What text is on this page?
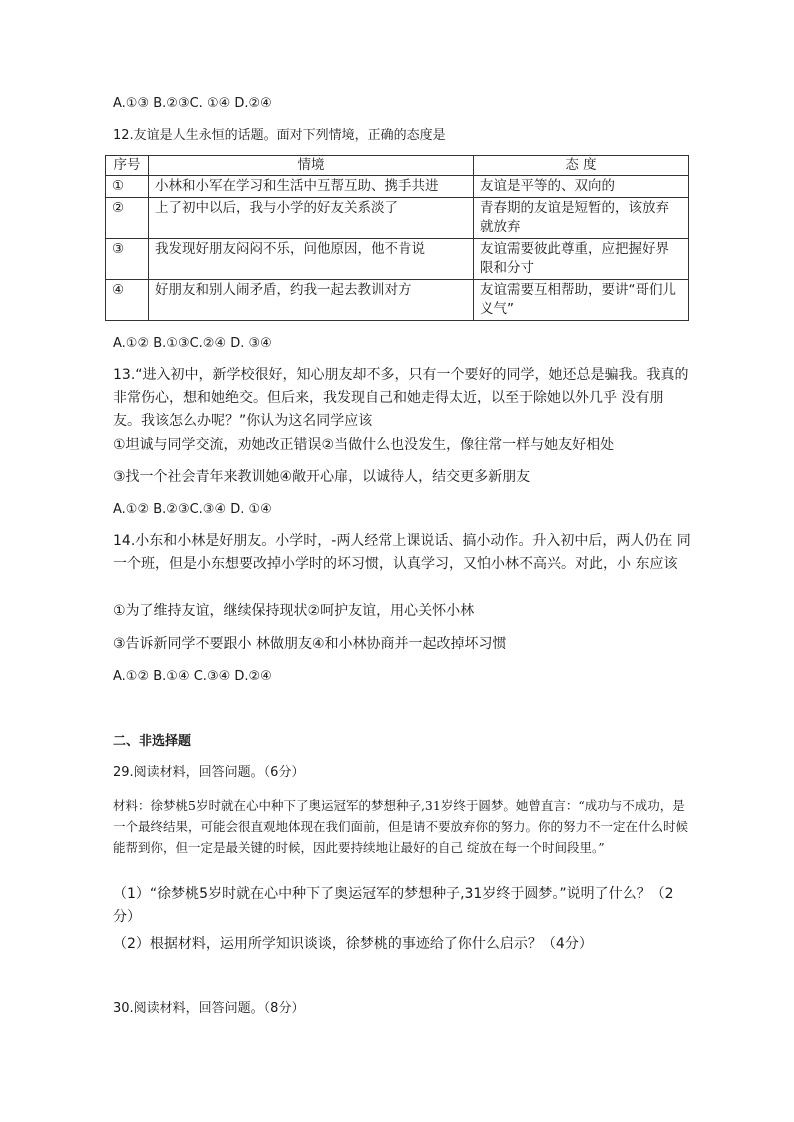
A.①③ B.②③C. ①④ D.②④

12.友谊是人生永恒的话题。面对下列情境，正确的态度是

序号	情境	态 度
①	小林和小军在学习和生活中互帮互助、携手共进	友谊是平等的、双向的
②	上了初中以后，我与小学的好友关系淡了	青春期的友谊是短暂的，该放弃就放弃
③	我发现好朋友闷闷不乐，问他原因，他不肯说	友谊需要彼此尊重，应把握好界限和分寸
④	好朋友和别人闹矛盾，约我一起去教训对方	友谊需要互相帮助，要讲“哥们儿义气”

A.①② B.①③C.②④ D. ③④

13.“进入初中，新学校很好，知心朋友却不多，只有一个要好的同学，她还总是骗我。我真的非常伤心，想和她绝交。但后来，我发现自己和她走得太近，以至于除她以外几乎 没有朋友。我该怎么办呢？”你认为这名同学应该

①坦诚与同学交流，劝她改正错误②当做什么也没发生，像往常一样与她友好相处

③找一个社会青年来教训她④敞开心扉，以诚待人，结交更多新朋友

A.①② B.②③C.③④ D. ①④

14.小东和小林是好朋友。小学时，-两人经常上课说话、搞小动作。升入初中后，两人仍在 同一个班，但是小东想要改掉小学时的坏习惯，认真学习，又怕小林不高兴。对此，小 东应该

①为了维持友谊，继续保持现状②呵护友谊，用心关怀小林

③告诉新同学不要跟小 林做朋友④和小林协商并一起改掉坏习惯

A.①② B.①④ C.③④ D.②④

二、非选择题

29.阅读材料，回答问题。（6分）

材料：徐梦桃5岁时就在心中种下了奥运冠军的梦想种子,31岁终于圆梦。她曾直言：“成功与不成功，是一个最终结果，可能会很直观地体现在我们面前，但是请不要放弃你的努力。你的努力不一定在什么时候能帮到你，但一定是最关键的时候，因此要持续地让最好的自己 绽放在每一个时间段里。”

（1）“徐梦桃5岁时就在心中种下了奥运冠军的梦想种子,31岁终于圆梦。”说明了什么？（2分）

（2）根据材料，运用所学知识谈谈，徐梦桃的事迹给了你什么启示？（4分）

30.阅读材料，回答问题。（8分）
